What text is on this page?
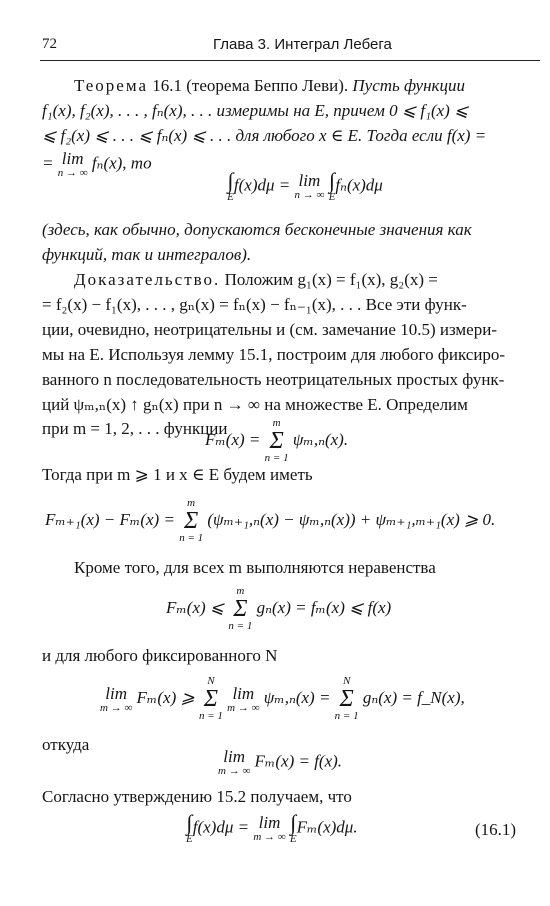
72	Глава 3. Интеграл Лебега
Теорема 16.1 (теорема Беппо Леви). Пусть функции
f₁(x), f₂(x), . . . , fₙ(x), . . . измеримы на E, причем 0 ⩽ f₁(x) ⩽
⩽ f₂(x) ⩽ . . . ⩽ fₙ(x) ⩽ . . . для любого x ∈ E. Тогда если f(x) =
= lim
n → ∞
fₙ(x), то
∫
E
f(x)dμ = lim
n → ∞

∫
E
fₙ(x)dμ
(здесь, как обычно, допускаются бесконечные значения как
функций, так и интегралов).
Доказательство. Положим g₁(x) = f₁(x), g₂(x) =
= f₂(x) − f₁(x), . . . , gₙ(x) = fₙ(x) − fₙ₋₁(x), . . . Все эти функ-
ции, очевидно, неотрицательны и (см. замечание 10.5) измери-
мы на E. Используя лемму 15.1, построим для любого фиксиро-
ванного n последовательность неотрицательных простых функ-
ций ψₘ,ₙ(x) ↑ gₙ(x) при n → ∞ на множестве E. Определим
при m = 1, 2, . . . функции
Fₘ(x) =
m
Σ
n = 1
ψₘ,ₙ(x).
Тогда при m ⩾ 1 и x ∈ E будем иметь
Fₘ₊₁(x) − Fₘ(x) =
m
Σ
n = 1
(ψₘ₊₁,ₙ(x) − ψₘ,ₙ(x)) + ψₘ₊₁,ₘ₊₁(x) ⩾ 0.
Кроме того, для всех m выполняются неравенства
Fₘ(x) ⩽
m
Σ
n = 1
gₙ(x) = fₘ(x) ⩽ f(x)
и для любого фиксированного N
lim
m → ∞
Fₘ(x) ⩾
N
Σ
n = 1
lim
m → ∞
ψₘ,ₙ(x) =
N
Σ
n = 1
gₙ(x) = f_N(x),
откуда
lim
m → ∞
Fₘ(x) = f(x).
Согласно утверждению 15.2 получаем, что
∫
E
f(x)dμ = lim
m → ∞

∫
E
Fₘ(x)dμ.	(16.1)
